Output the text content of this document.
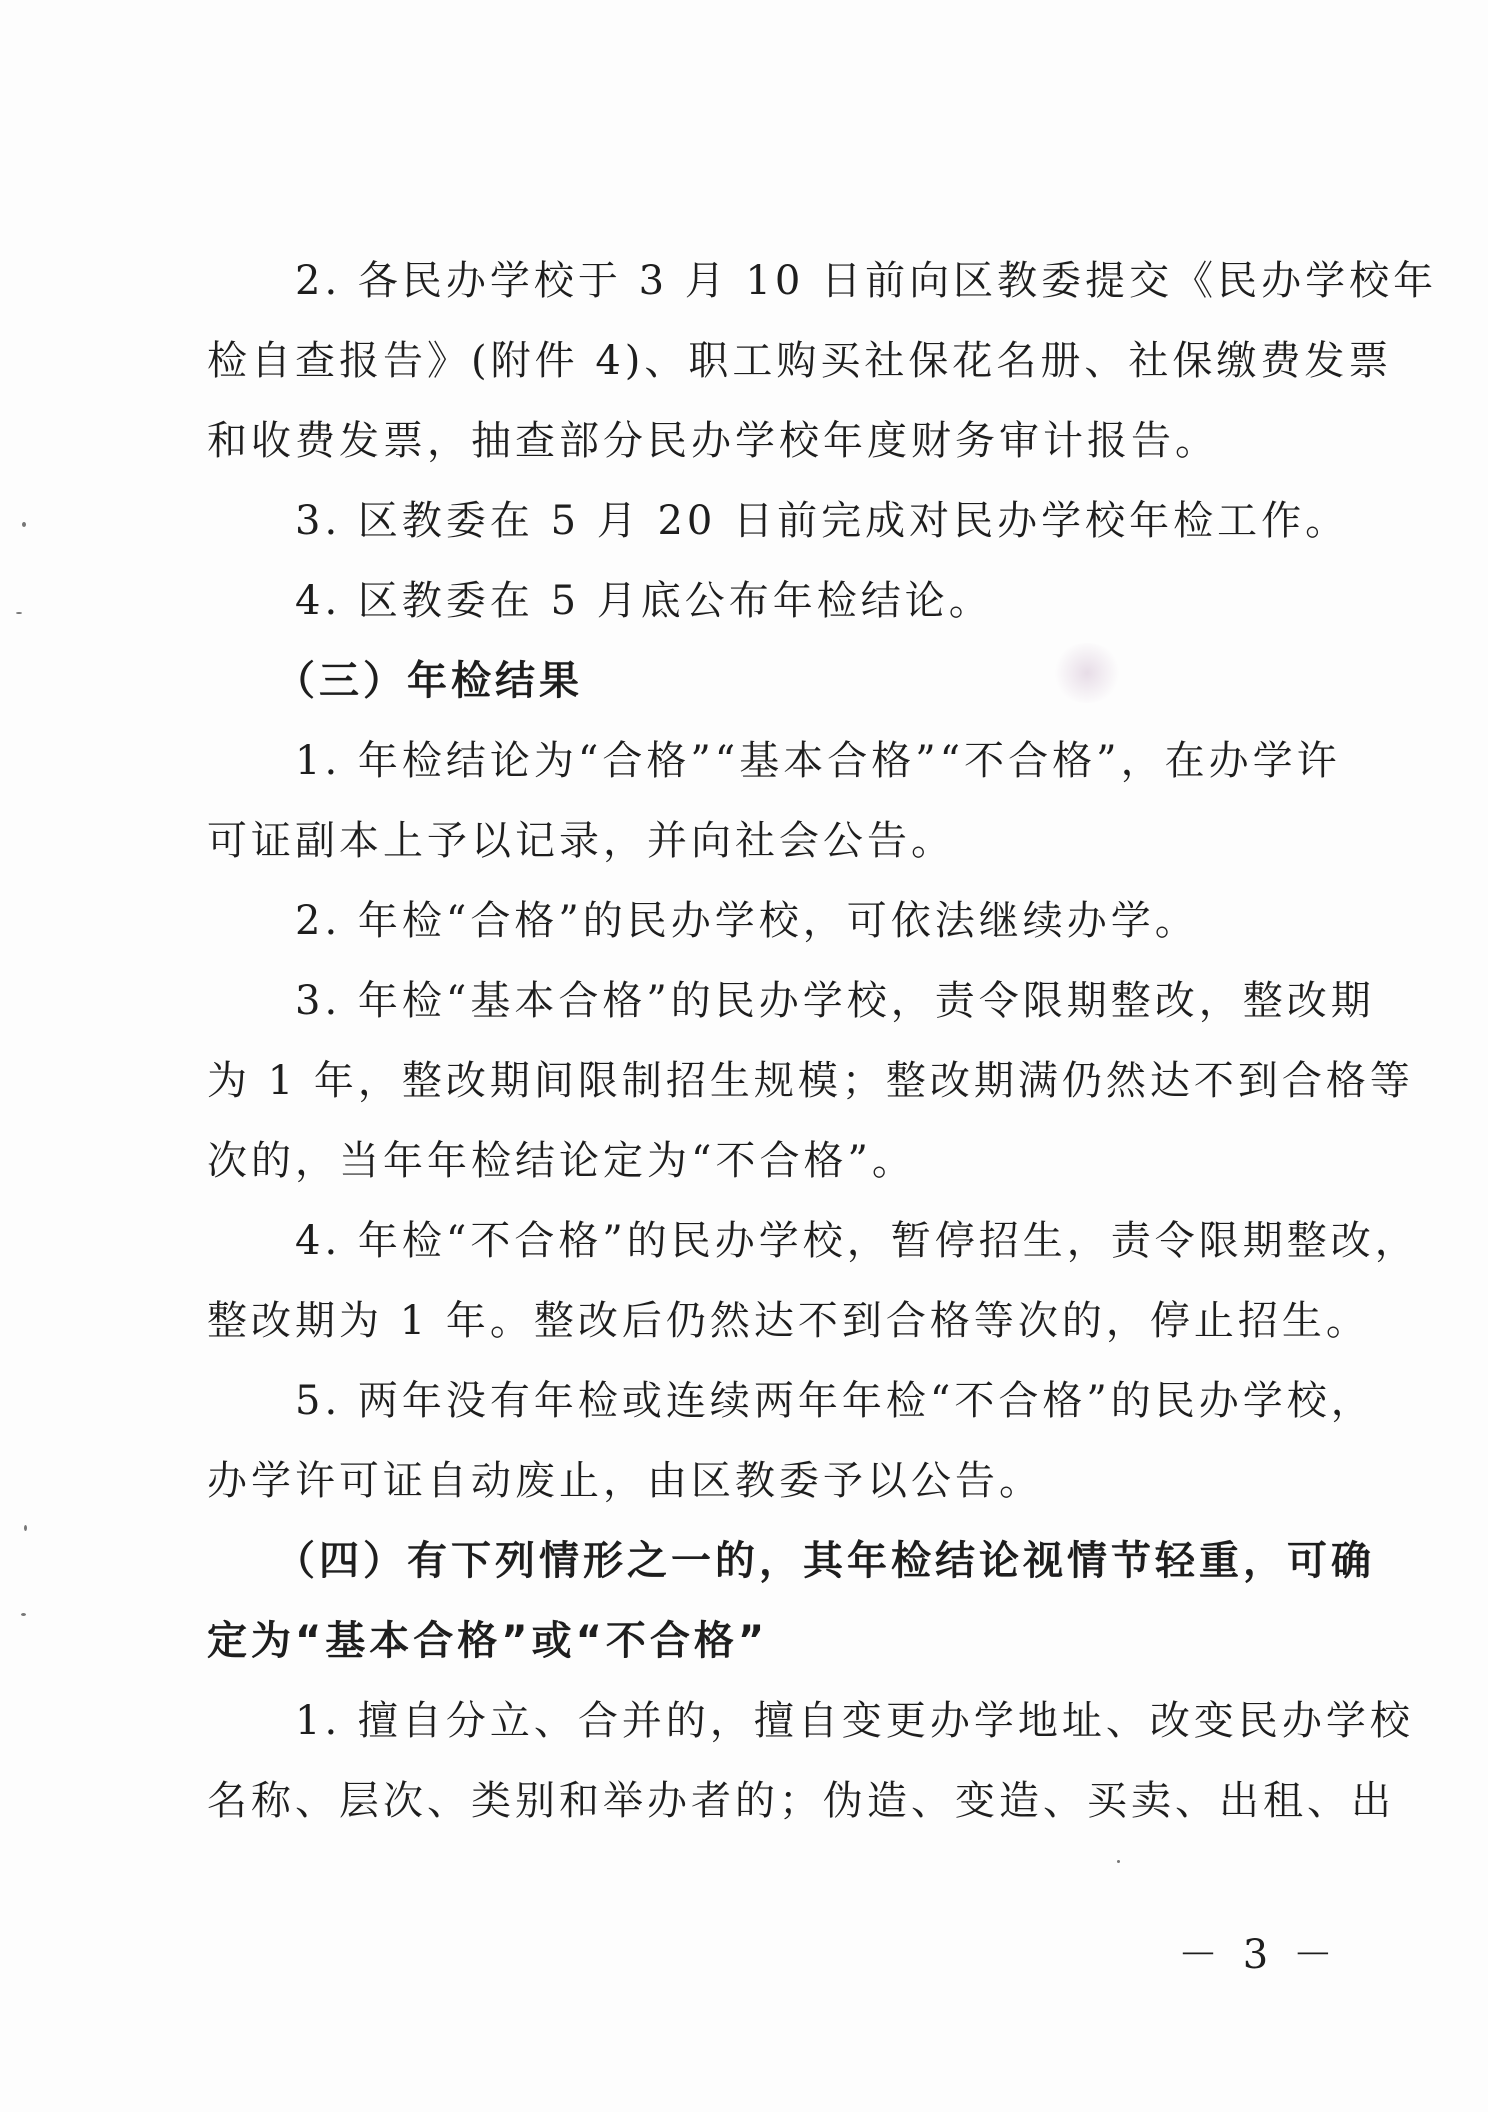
　　2. 各民办学校于 3 月 10 日前向区教委提交《民办学校年
检自查报告》(附件 4)、职工购买社保花名册、社保缴费发票
和收费发票，抽查部分民办学校年度财务审计报告。
　　3. 区教委在 5 月 20 日前完成对民办学校年检工作。
　　4. 区教委在 5 月底公布年检结论。
　　（三）年检结果
　　1. 年检结论为“合格”“基本合格”“不合格”，在办学许
可证副本上予以记录，并向社会公告。
　　2. 年检“合格”的民办学校，可依法继续办学。
　　3. 年检“基本合格”的民办学校，责令限期整改，整改期
为 1 年，整改期间限制招生规模；整改期满仍然达不到合格等
次的，当年年检结论定为“不合格”。
　　4. 年检“不合格”的民办学校，暂停招生，责令限期整改，
整改期为 1 年。整改后仍然达不到合格等次的，停止招生。
　　5. 两年没有年检或连续两年年检“不合格”的民办学校，
办学许可证自动废止，由区教委予以公告。
　　（四）有下列情形之一的，其年检结论视情节轻重，可确
定为“基本合格”或“不合格”
　　1. 擅自分立、合并的，擅自变更办学地址、改变民办学校
名称、层次、类别和举办者的；伪造、变造、买卖、出租、出
－ 3 －
